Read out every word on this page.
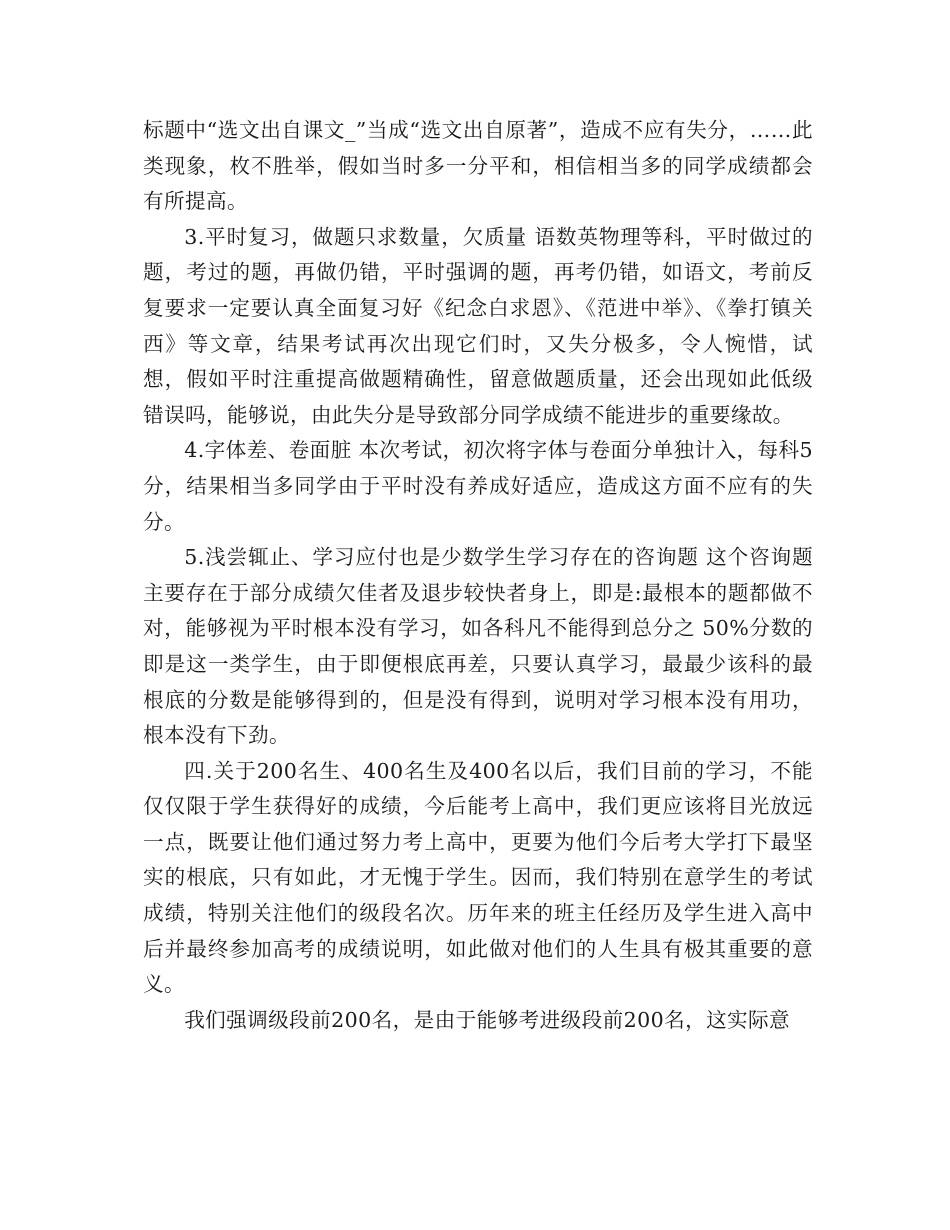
标题中“选文出自课文_”当成“选文出自原著”，造成不应有失分，……此类现象，枚不胜举，假如当时多一分平和，相信相当多的同学成绩都会有所提高。

3.平时复习，做题只求数量，欠质量 语数英物理等科，平时做过的题，考过的题，再做仍错，平时强调的题，再考仍错，如语文，考前反复要求一定要认真全面复习好《纪念白求恩》、《范进中举》、《拳打镇关西》等文章，结果考试再次出现它们时，又失分极多，令人惋惜，试想，假如平时注重提高做题精确性，留意做题质量，还会出现如此低级错误吗，能够说，由此失分是导致部分同学成绩不能进步的重要缘故。

4.字体差、卷面脏 本次考试，初次将字体与卷面分单独计入，每科5分，结果相当多同学由于平时没有养成好适应，造成这方面不应有的失分。

5.浅尝辄止、学习应付也是少数学生学习存在的咨询题 这个咨询题主要存在于部分成绩欠佳者及退步较快者身上，即是:最根本的题都做不对，能够视为平时根本没有学习，如各科凡不能得到总分之 50%分数的即是这一类学生，由于即便根底再差，只要认真学习，最最少该科的最根底的分数是能够得到的，但是没有得到，说明对学习根本没有用功，根本没有下劲。

四.关于200名生、400名生及400名以后，我们目前的学习，不能仅仅限于学生获得好的成绩，今后能考上高中，我们更应该将目光放远一点，既要让他们通过努力考上高中，更要为他们今后考大学打下最坚实的根底，只有如此，才无愧于学生。因而，我们特别在意学生的考试成绩，特别关注他们的级段名次。历年来的班主任经历及学生进入高中后并最终参加高考的成绩说明，如此做对他们的人生具有极其重要的意义。

我们强调级段前200名，是由于能够考进级段前200名，这实际意
